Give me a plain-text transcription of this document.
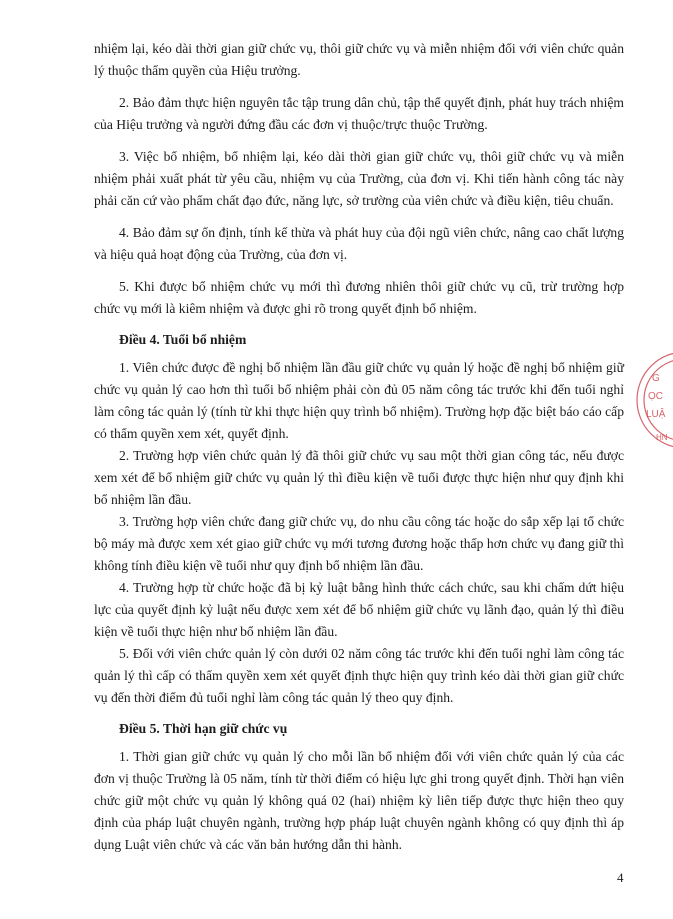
nhiệm lại, kéo dài thời gian giữ chức vụ, thôi giữ chức vụ và miễn nhiệm đối với viên chức quản lý thuộc thẩm quyền của Hiệu trưởng.

2. Bảo đảm thực hiện nguyên tắc tập trung dân chủ, tập thể quyết định, phát huy trách nhiệm của Hiệu trưởng và người đứng đầu các đơn vị thuộc/trực thuộc Trường.

3. Việc bổ nhiệm, bổ nhiệm lại, kéo dài thời gian giữ chức vụ, thôi giữ chức vụ và miễn nhiệm phải xuất phát từ yêu cầu, nhiệm vụ của Trường, của đơn vị. Khi tiến hành công tác này phải căn cứ vào phẩm chất đạo đức, năng lực, sở trường của viên chức và điều kiện, tiêu chuẩn.

4. Bảo đảm sự ổn định, tính kế thừa và phát huy của đội ngũ viên chức, nâng cao chất lượng và hiệu quả hoạt động của Trường, của đơn vị.

5. Khi được bổ nhiệm chức vụ mới thì đương nhiên thôi giữ chức vụ cũ, trừ trường hợp chức vụ mới là kiêm nhiệm và được ghi rõ trong quyết định bổ nhiệm.

Điều 4. Tuổi bổ nhiệm

1. Viên chức được đề nghị bổ nhiệm lần đầu giữ chức vụ quản lý hoặc đề nghị bổ nhiệm giữ chức vụ quản lý cao hơn thì tuổi bổ nhiệm phải còn đủ 05 năm công tác trước khi đến tuổi nghỉ làm công tác quản lý (tính từ khi thực hiện quy trình bổ nhiệm). Trường hợp đặc biệt báo cáo cấp có thẩm quyền xem xét, quyết định.

2. Trường hợp viên chức quản lý đã thôi giữ chức vụ sau một thời gian công tác, nếu được xem xét để bổ nhiệm giữ chức vụ quản lý thì điều kiện về tuổi được thực hiện như quy định khi bổ nhiệm lần đầu.

3. Trường hợp viên chức đang giữ chức vụ, do nhu cầu công tác hoặc do sắp xếp lại tổ chức bộ máy mà được xem xét giao giữ chức vụ mới tương đương hoặc thấp hơn chức vụ đang giữ thì không tính điều kiện về tuổi như quy định bổ nhiệm lần đầu.

4. Trường hợp từ chức hoặc đã bị kỷ luật bằng hình thức cách chức, sau khi chấm dứt hiệu lực của quyết định kỷ luật nếu được xem xét để bổ nhiệm giữ chức vụ lãnh đạo, quản lý thì điều kiện về tuổi thực hiện như bổ nhiệm lần đầu.

5. Đối với viên chức quản lý còn dưới 02 năm công tác trước khi đến tuổi nghỉ làm công tác quản lý thì cấp có thẩm quyền xem xét quyết định thực hiện quy trình kéo dài thời gian giữ chức vụ đến thời điểm đủ tuổi nghỉ làm công tác quản lý theo quy định.

Điều 5. Thời hạn giữ chức vụ

1. Thời gian giữ chức vụ quản lý cho mỗi lần bổ nhiệm đối với viên chức quản lý của các đơn vị thuộc Trường là 05 năm, tính từ thời điểm có hiệu lực ghi trong quyết định. Thời hạn viên chức giữ một chức vụ quản lý không quá 02 (hai) nhiệm kỳ liên tiếp được thực hiện theo quy định của pháp luật chuyên ngành, trường hợp pháp luật chuyên ngành không có quy định thì áp dụng Luật viên chức và các văn bản hướng dẫn thi hành.

G
ỌC
LUẬ
HN
4
